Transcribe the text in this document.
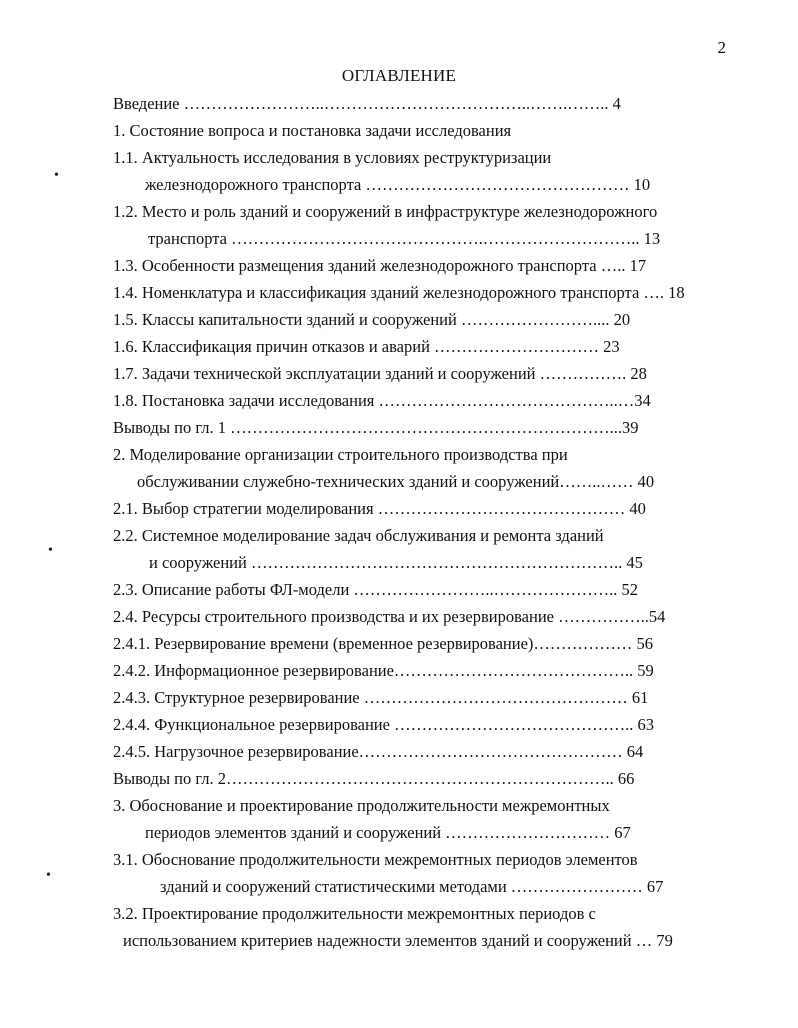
2
ОГЛАВЛЕНИЕ
Введение ……………………..………………………………..…….…….. 4
1. Состояние вопроса и постановка задачи исследования
1.1. Актуальность исследования в условиях реструктуризации
железнодорожного транспорта ………………………………………… 10
1.2. Место и роль зданий и сооружений в инфраструктуре железнодорожного
транспорта ……………………………………….……………………….. 13
1.3. Особенности размещения зданий железнодорожного транспорта ….. 17
1.4. Номенклатура и классификация зданий железнодорожного транспорта …. 18
1.5. Классы капитальности зданий и сооружений …………………….... 20
1.6. Классификация причин отказов и аварий ………………………… 23
1.7. Задачи технической эксплуатации зданий и сооружений ……………. 28
1.8. Постановка задачи исследования ……………………………………..…34
Выводы по гл. 1 ……………………………………………………………...39
2. Моделирование организации строительного производства при
обслуживании служебно-технических зданий и сооружений……..…… 40
2.1. Выбор стратегии моделирования ……………………………………… 40
2.2. Системное моделирование задач обслуживания и ремонта зданий
и сооружений ………………………………………………………….. 45
2.3. Описание работы ФЛ-модели ……………………..………………….. 52
2.4. Ресурсы строительного производства и их резервирование ……………..54
2.4.1. Резервирование времени (временное резервирование)……………… 56
2.4.2. Информационное резервирование…………………………………….. 59
2.4.3. Структурное резервирование ………………………………………… 61
2.4.4. Функциональное резервирование …………………………………….. 63
2.4.5. Нагрузочное резервирование………………………………………… 64
Выводы по гл. 2…………………………………………………………….. 66
3. Обоснование и проектирование продолжительности межремонтных
периодов элементов зданий и сооружений ………………………… 67
3.1. Обоснование продолжительности межремонтных периодов элементов
зданий и сооружений статистическими методами …………………… 67
3.2. Проектирование продолжительности межремонтных периодов с
использованием критериев надежности элементов зданий и сооружений … 79
•
•
•
